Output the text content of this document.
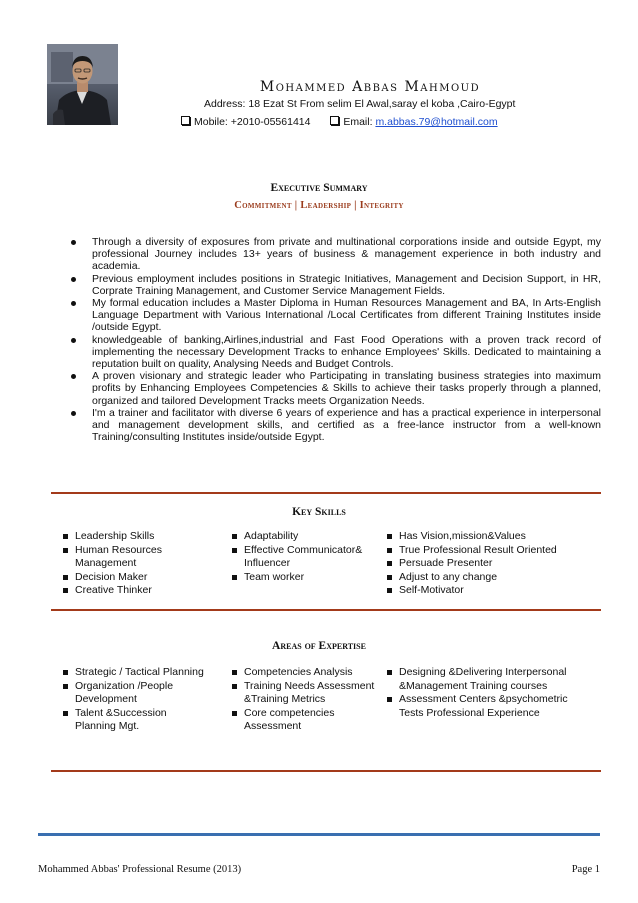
Mohammed Abbas Mahmoud
Address: 18 Ezat St From selim El Awal,saray el koba ,Cairo-Egypt
Mobile: +2010-05561414	Email: m.abbas.79@hotmail.com
Executive Summary
Commitment | Leadership | Integrity
Through a diversity of exposures from private and multinational corporations inside and outside Egypt, my professional Journey includes 13+ years of business & management experience in both industry and academia.
Previous employment includes positions in Strategic Initiatives, Management and Decision Support, in HR, Corprate Training Management, and Customer Service Management Fields.
My formal education includes a Master Diploma in Human Resources Management and BA, In Arts-English Language Department with Various International /Local Certificates from different Training Institutes inside /outside Egypt.
knowledgeable of banking,Airlines,industrial and Fast Food Operations with a proven track record of implementing the necessary Development Tracks to enhance Employees' Skills. Dedicated to maintaining a reputation built on quality, Analysing Needs and Budget Controls.
A proven visionary and strategic leader who Participating in translating business strategies into maximum profits by Enhancing Employees Competencies & Skills to achieve their tasks properly through a planned, organized and tailored Development Tracks meets Organization Needs.
I'm a trainer and facilitator with diverse 6 years of experience and has a practical experience in interpersonal and management development skills, and certified as a free-lance instructor from a well-known Training/consulting Institutes inside/outside Egypt.
Key Skills
Leadership Skills
Human Resources Management
Decision Maker
Creative Thinker
Adaptability
Effective Communicator& Influencer
Team worker
Has Vision,mission&Values
True Professional Result Oriented
Persuade Presenter
Adjust to any change
Self-Motivator
Areas of Expertise
Strategic / Tactical Planning
Organization /People Development
Talent &Succession Planning Mgt.
Competencies Analysis
Training Needs Assessment &Training Metrics
Core competencies Assessment
Designing &Delivering Interpersonal &Management Training courses
Assessment Centers &psychometric Tests Professional Experience
Mohammed Abbas' Professional Resume (2013)	Page 1
